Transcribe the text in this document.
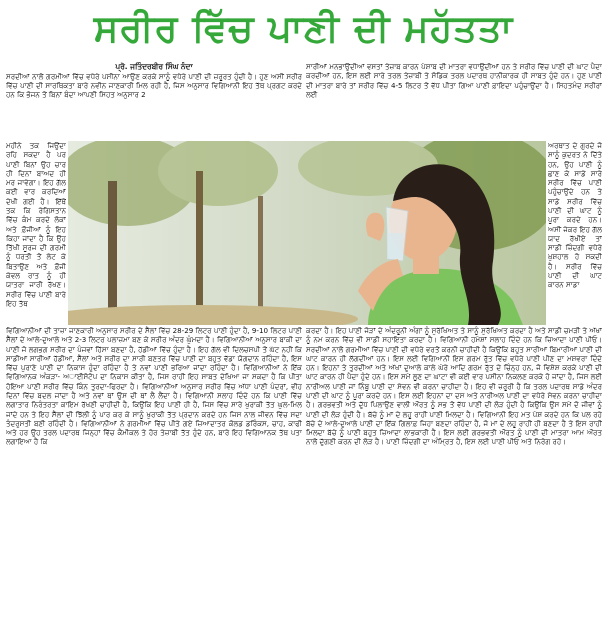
ਸਰੀਰ ਵਿੱਚ ਪਾਣੀ ਦੀ ਮਹੱਤਤਾ

ਪ੍ਰੋ. ਜਤਿੰਦਰਬੀਰ ਸਿੰਘ ਨੰਦਾ

ਸਰਦੀਆਂ ਨਾਲੋਂ ਗਰਮੀਆਂ ਵਿੱਚ ਵਧੇਰੇ ਪਸੀਨਾ ਆਉਣ ਕਰਕੇ ਸਾਨੂੰ ਵਧੇਰੇ ਪਾਣੀ ਦੀ ਜ਼ਰੂਰਤ ਹੁੰਦੀ ਹੈ। ਹੁਣ ਅਸੀਂ ਸਰੀਰ ਵਿੱਚ ਪਾਣੀ ਦੀ ਸਾਰਥਿਕਤਾ ਬਾਰੇ ਨਵੀਨ ਜਾਣਕਾਰੀ ਮਿਲ ਰਹੀ ਹੈ, ਜਿਸ ਅਨੁਸਾਰ ਵਿਗਿਆਨੀ ਇਹ ਤੱਥ ਪ੍ਰਗਟ ਕਰਦੇ ਹਨ ਕਿ ਭੋਜਨ ਤੋਂ ਬਿਨਾਂ ਬੰਦਾ ਆਪਣੀ ਸਿਹਤ ਅਨੁਸਾਰ 2

ਸਾਰੀਆਂ ਮਨਭਾਉਂਦੀਆਂ ਵਸਤਾਂ ਤੇਜ਼ਾਬ ਕਾਰਨ ਪੇਸ਼ਾਬ ਦੀ ਮਾਤਰਾ ਵਧਾਉਂਦੀਆਂ ਹਨ ਤੇ ਸਰੀਰ ਵਿੱਚ ਪਾਣੀ ਦੀ ਘਾਟ ਪੈਦਾ ਕਰਦੀਆਂ ਹਨ, ਇਸ ਲਈ ਸਾਰੇ ਤਰਲ ਤੇਜ਼ਾਬੀ ਤੇ ਸੋਡਿਕ ਤਰਲ ਪਦਾਰਥ ਹਾਨੀਕਾਰਕ ਹੀ ਸਾਬਤ ਹੁੰਦੇ ਹਨ। ਹੁਣ ਪਾਣੀ ਦੀ ਮਾਤਰਾ ਬਾਰੇ ਤਾਂ ਸਰੀਰ ਵਿੱਚ 4-5 ਲਿਟਰ ਤੋਂ ਵੱਧ ਪੀਤਾ ਗਿਆ ਪਾਣੀ ਫ਼ਾਇਦਾ ਪਹੁੰਚਾਉਂਦਾ ਹੈ। ਸਿਹਤਮੰਦ ਸਰੀਰਾਂ ਲਈ

ਮਹੀਨੇ ਤਕ ਜਿਉਂਦਾ ਰਹਿ ਸਕਦਾ ਹੈ ਪਰ ਪਾਣੀ ਬਿਨਾਂ ਉਹ ਚਾਰ ਹੀ ਦਿਨਾਂ ਬਾਅਦ ਹੀ ਮਰ ਜਾਵੇਗਾ। ਇਹ ਗੱਲ ਕਈ ਵਾਰ ਕਰਦਿਆਂ ਦੇਖੀ ਗਈ ਹੈ। ਇੱਥੋਂ ਤਕ ਕਿ ਰੇਗਿਸਤਾਨ ਵਿੱਚ ਕੰਮ ਕਰਦੇ ਲੋਕਾਂ ਅਤੇ ਫ਼ੌਜੀਆਂ ਨੂੰ ਇਹ ਕਿਹਾ ਜਾਂਦਾ ਹੈ ਕਿ ਉਹ ਤਿੱਖੀ ਸੂਰਜ ਦੀ ਗਰਮੀ ਨੂੰ ਧਰਤੀ ਤੋਂ ਲੇਟ ਕੇ ਬਿਤਾਉਣ ਅਤੇ ਫ਼ੌਜੀ ਕੇਵਲ ਰਾਤ ਨੂੰ ਹੀ ਯਾਤਰਾ ਜਾਰੀ ਰੱਖਣ। ਸਰੀਰ ਵਿੱਚ ਪਾਣੀ ਬਾਰੇ ਇਹ ਤੱਥ

ਅਰਥਾਤ ਦੇ ਗੁਰਦੇ ਜੋ ਸਾਨੂੰ ਕੁਦਰਤ ਨੇ ਦਿੱਤੇ ਹਨ, ਉਹ ਪਾਣੀ ਨੂੰ ਛਾਣ ਕੇ ਸਾਡੇ ਸਾਰੇ ਸਰੀਰ ਵਿੱਚ ਪਾਣੀ ਪਹੁੰਚਾਉਂਦੇ ਹਨ ਤੇ ਸਾਡੇ ਸਰੀਰ ਵਿੱਚ ਪਾਣੀ ਦੀ ਘਾਟ ਨੂੰ ਪੂਰਾ ਕਰਦੇ ਹਨ। ਅਸੀਂ ਜੇਕਰ ਇਹ ਗੱਲ ਯਾਦ ਰੱਖੀਏ ਤਾਂ ਸਾਡੀ ਜ਼ਿੰਦਗੀ ਵਧੇਰੇ ਖ਼ੁਸ਼ਹਾਲ ਹੋ ਸਕਦੀ ਹੈ। ਸਰੀਰ ਵਿੱਚ ਪਾਣੀ ਦੀ ਘਾਟ ਕਾਰਨ ਸਾਡਾ

ਵਿਗਿਆਨੀਆਂ ਦੀ ਤਾਜ਼ਾ ਜਾਣਕਾਰੀ ਅਨੁਸਾਰ ਸਰੀਰ ਦੇ ਸੈੱਲਾਂ ਵਿੱਚ 28-29 ਲਿਟਰ ਪਾਣੀ ਹੁੰਦਾ ਹੈ, 9-10 ਲਿਟਰ ਪਾਣੀ ਸੈੱਲਾਂ ਦੇ ਆਲੇ-ਦੁਆਲੇ ਅਤੇ 2-3 ਲਿਟਰ ਪਲਾਜ਼ਮਾ ਬਣ ਕੇ ਸਰੀਰ ਅੰਦਰ ਘੁੰਮਦਾ ਹੈ। ਵਿਗਿਆਨੀਆਂ ਅਨੁਸਾਰ ਬਾਕੀ ਦਾ ਪਾਣੀ ਜੋ ਲਗਭਗ ਸਰੀਰ ਦਾ ਪੰਜਵਾਂ ਹਿੱਸਾ ਬਣਦਾ ਹੈ, ਹੱਡੀਆਂ ਵਿੱਚ ਹੁੰਦਾ ਹੈ। ਇਹ ਗੱਲ ਵੀ ਦਿਲਚਸਪੀ ਤੋਂ ਘੱਟ ਨਹੀਂ ਕਿ ਸਾਡੀਆਂ ਸਾਰੀਆਂ ਹੱਡੀਆਂ, ਸੈੱਲਾਂ ਅਤੇ ਸਰੀਰ ਦਾ ਸਾਰੀ ਬਣਤਰ ਵਿੱਚ ਪਾਣੀ ਦਾ ਬਹੁਤ ਵੱਡਾ ਯੋਗਦਾਨ ਰਹਿੰਦਾ ਹੈ, ਇਸ ਵਿੱਚ ਪੁਰਾਣੇ ਪਾਣੀ ਦਾ ਨਿਕਾਸ ਹੁੰਦਾ ਰਹਿੰਦਾ ਹੈ ਤੇ ਨਵਾਂ ਪਾਣੀ ਭਰਿਆ ਜਾਂਦਾ ਰਹਿੰਦਾ ਹੈ। ਵਿਗਿਆਨੀਆਂ ਨੇ ਇੱਕ ਵਿਗਿਆਨਕ ਅੰਕੜਾ- ਅਾਈਸੋਟੋਪ ਦਾ ਨਿਕਾਸ ਕੀਤਾ ਹੈ, ਜਿਸ ਰਾਹੀਂ ਇਹ ਸਾਬਤ ਦੇਖਿਆ ਜਾ ਸਕਦਾ ਹੈ ਕਿ ਪੀਤਾ ਹੋਇਆ ਪਾਣੀ ਸਰੀਰ ਵਿੱਚ ਕਿੰਨ ਤੁਰਦਾ-ਫਿਰਦਾ ਹੈ। ਵਿਗਿਆਨੀਆਂ ਅਨੁਸਾਰ ਸਰੀਰ ਵਿੱਚ ਅੱਧਾ ਪਾਣੀ ਪੰਦਰਾਂ, ਵੀਹ ਦਿਨਾਂ ਵਿੱਚ ਬਦਲ ਜਾਂਦਾ ਹੈ ਅਤੇ ਨਵਾਂ ਥਾਂ ਉਸ ਦੀ ਥਾਂ ਲੈ ਲੈਂਦਾ ਹੈ। ਵਿਗਿਆਨੀ ਸਲਾਹ ਦਿੰਦੇ ਹਨ ਕਿ ਪਾਣੀ ਵਿੱਚ ਲਗਾਤਾਰ ਨਿਰੰਤਰਤਾ ਕਾਇਮ ਰੱਖਣੀ ਚਾਹੀਦੀ ਹੈ, ਕਿਉਂਕਿ ਇਹ ਪਾਣੀ ਹੀ ਹੈ, ਜਿਸ ਵਿੱਚ ਸਾਰੇ ਖੁਰਾਕੀ ਤੱਤ ਘੁਲ-ਮਿਲ ਜਾਂਦੇ ਹਨ ਤੇ ਇਹ ਸੈੱਲਾਂ ਦੀ ਝਿੱਲੀ ਨੂੰ ਪਾਰ ਕਰ ਕੇ ਸਾਨੂੰ ਖੁਰਾਕੀ ਤੱਤ ਪ੍ਰਦਾਨ ਕਰਦੇ ਹਨ ਜਿਸ ਨਾਲ ਜੀਵਨ ਵਿੱਚ ਸਦਾ ਤੰਦਰੁਸਤੀ ਬਣੀ ਰਹਿੰਦੀ ਹੈ। ਵਿਗਿਆਨੀਆਂ ਨੇ ਗਰਮੀਆਂ ਵਿੱਚ ਪੀਤੇ ਗਏ ਜ਼ਿਆਦਾਤਰ ਕੋਲਡ ਡਰਿੰਕਸ, ਚਾਹ, ਕਾਫੀ ਅਤੇ ਹਰ ਉਹ ਤਰਲ ਪਦਾਰਥ ਜਿਨ੍ਹਾਂ ਵਿੱਚ ਕੈਮੀਕਲ ਤੇ ਹੋਰ ਤੇਜ਼ਾਬੀ ਤੱਤ ਹੁੰਦੇ ਹਨ, ਬਾਰੇ ਇਹ ਵਿਗਿਆਨਕ ਤੱਥ ਪਤਾ ਲਗਾਇਆ ਹੈ ਕਿ

ਕਰਦਾ ਹੈ। ਇਹ ਪਾਣੀ ਜੋੜਾਂ ਦੇ ਅੰਦਰੂਨੀ ਅੰਗਾਂ ਨੂੰ ਸੁਰੱਖਿਅਤ ਤੇ ਸਾਨੂੰ ਸੁਰੱਖਿਅਤ ਕਰਦਾ ਹੈ ਅਤੇ ਸਾਡੀ ਚਮੜੀ ਤੇ ਅੱਖਾਂ ਨੂੰ ਨਮ ਕਰਨ ਵਿੱਚ ਵੀ ਸਾਡੀ ਸਹਾਇਤਾ ਕਰਦਾ ਹੈ। ਵਿਗਿਆਨੀ ਹਮੇਸ਼ਾਂ ਸਲਾਹ ਦਿੰਦੇ ਹਨ ਕਿ ਜ਼ਿਆਦਾ ਪਾਣੀ ਪੀਓ। ਸਰਦੀਆਂ ਨਾਲੋਂ ਗਰਮੀਆਂ ਵਿੱਚ ਪਾਣੀ ਦੀ ਵਧੇਰੇ ਵਰਤੋਂ ਕਰਨੀ ਚਾਹੀਦੀ ਹੈ ਕਿਉਂਕਿ ਬਹੁਤ ਸਾਰੀਆਂ ਬਿਮਾਰੀਆਂ ਪਾਣੀ ਦੀ ਘਾਟ ਕਾਰਨ ਹੀ ਲੱਗਦੀਆਂ ਹਨ। ਇਸ ਲਈ ਵਿਗਿਆਨੀ ਇਸ ਗਰਮ ਰੁੱਤ ਵਿੱਚ ਵਧੇਰੇ ਪਾਣੀ ਪੀਣ ਦਾ ਮਸ਼ਵਰਾ ਦਿੰਦੇ ਹਨ। ਇਹਨਾਂ ਤੇ ਤੁਰਦੀਆਂ ਅਤੇ ਅੱਖਾਂ ਦੁਆਲੇ ਕਾਲੇ ਘੇਰੇ ਆਦਿ ਗਰਮ ਰੁੱਤ ਦੇ ਚਿੰਨ੍ਹ ਹਨ, ਜੋ ਵਿਸ਼ੇਸ਼ ਕਰਕੇ ਪਾਣੀ ਦੀ ਘਾਟ ਕਾਰਨ ਹੀ ਪੈਦਾ ਹੁੰਦੇ ਹਨ। ਇਸ ਸਮੇਂ ਲੂਣ ਦਾ ਘਾਟਾ ਵੀ ਕਈ ਵਾਰ ਪਸੀਨਾ ਨਿਕਲਣ ਕਰਕੇ ਹੋ ਜਾਂਦਾ ਹੈ, ਜਿਸ ਲਈ ਨਾਰੀਅਲ ਪਾਣੀ ਜਾਂ ਨਿੰਬੂ ਪਾਣੀ ਦਾ ਸੇਵਨ ਵੀ ਕਰਨਾ ਚਾਹੀਦਾ ਹੈ। ਇਹ ਵੀ ਜ਼ਰੂਰੀ ਹੈ ਕਿ ਤਰਲ ਪਦਾਰਥ ਸਾਡੇ ਅੰਦਰ ਪਾਣੀ ਦੀ ਘਾਟ ਨੂੰ ਪੂਰਾ ਕਰਦੇ ਹਨ। ਇਸ ਲਈ ਇਹਨਾਂ ਦਾ ਦਸ ਅਤੇ ਨਾਰੀਅਲ ਪਾਣੀ ਦਾ ਵਧੇਰੇ ਸੇਵਨ ਕਰਨਾ ਚਾਹੀਦਾ ਹੈ। ਗਰਭਵਤੀ ਅਤੇ ਦੁੱਧ ਪਿਲਾਉਣ ਵਾਲੀ ਔਰਤ ਨੂੰ ਸਭ ਤੋਂ ਵੱਧ ਪਾਣੀ ਦੀ ਲੋੜ ਹੁੰਦੀ ਹੈ ਕਿਉਂਕਿ ਉਸ ਸਮੇਂ ਦੋ ਜੀਵਾਂ ਨੂੰ ਪਾਣੀ ਦੀ ਲੋੜ ਹੁੰਦੀ ਹੈ। ਬੱਚੇ ਨੂੰ ਮਾਂ ਦੇ ਲਹੂ ਰਾਹੀਂ ਪਾਣੀ ਮਿਲਦਾ ਹੈ। ਵਿਗਿਆਨੀ ਇਹ ਮਤ ਪੇਸ਼ ਕਰਦੇ ਹਨ ਕਿ ਪਲ ਰਹੇ ਬੱਚੇ ਦੇ ਆਲੇ-ਦੁਆਲੇ ਪਾਣੀ ਦਾ ਇੱਕ ਗਿਲਾਫ਼ ਜਿਹਾ ਬਣਦਾ ਰਹਿੰਦਾ ਹੈ, ਜੋ ਮਾਂ ਦੇ ਲਹੂ ਰਾਹੀਂ ਹੀ ਬਣਦਾ ਹੈ ਤੇ ਇਸ ਰਾਹੀਂ ਮਿਲਦਾ ਬੱਚੇ ਨੂੰ ਪਾਣੀ ਬਹੁਤ ਜ਼ਿਆਦਾ ਲਾਭਕਾਰੀ ਹੈ। ਇਸ ਲਈ ਗਰਭਵਤੀ ਔਰਤ ਨੂੰ ਪਾਣੀ ਦੀ ਮਾਤਰਾ ਆਮ ਔਰਤ ਨਾਲੋਂ ਦੁੱਗਣੀ ਕਰਨ ਦੀ ਲੋੜ ਹੈ। ਪਾਣੀ ਜ਼ਿੰਦਗੀ ਦਾ ਅੰਮ੍ਰਿਤ ਹੈ, ਇਸ ਲਈ ਪਾਣੀ ਪੀਓ ਅਤੇ ਨਿਰੋਗ ਰਹੋ।
